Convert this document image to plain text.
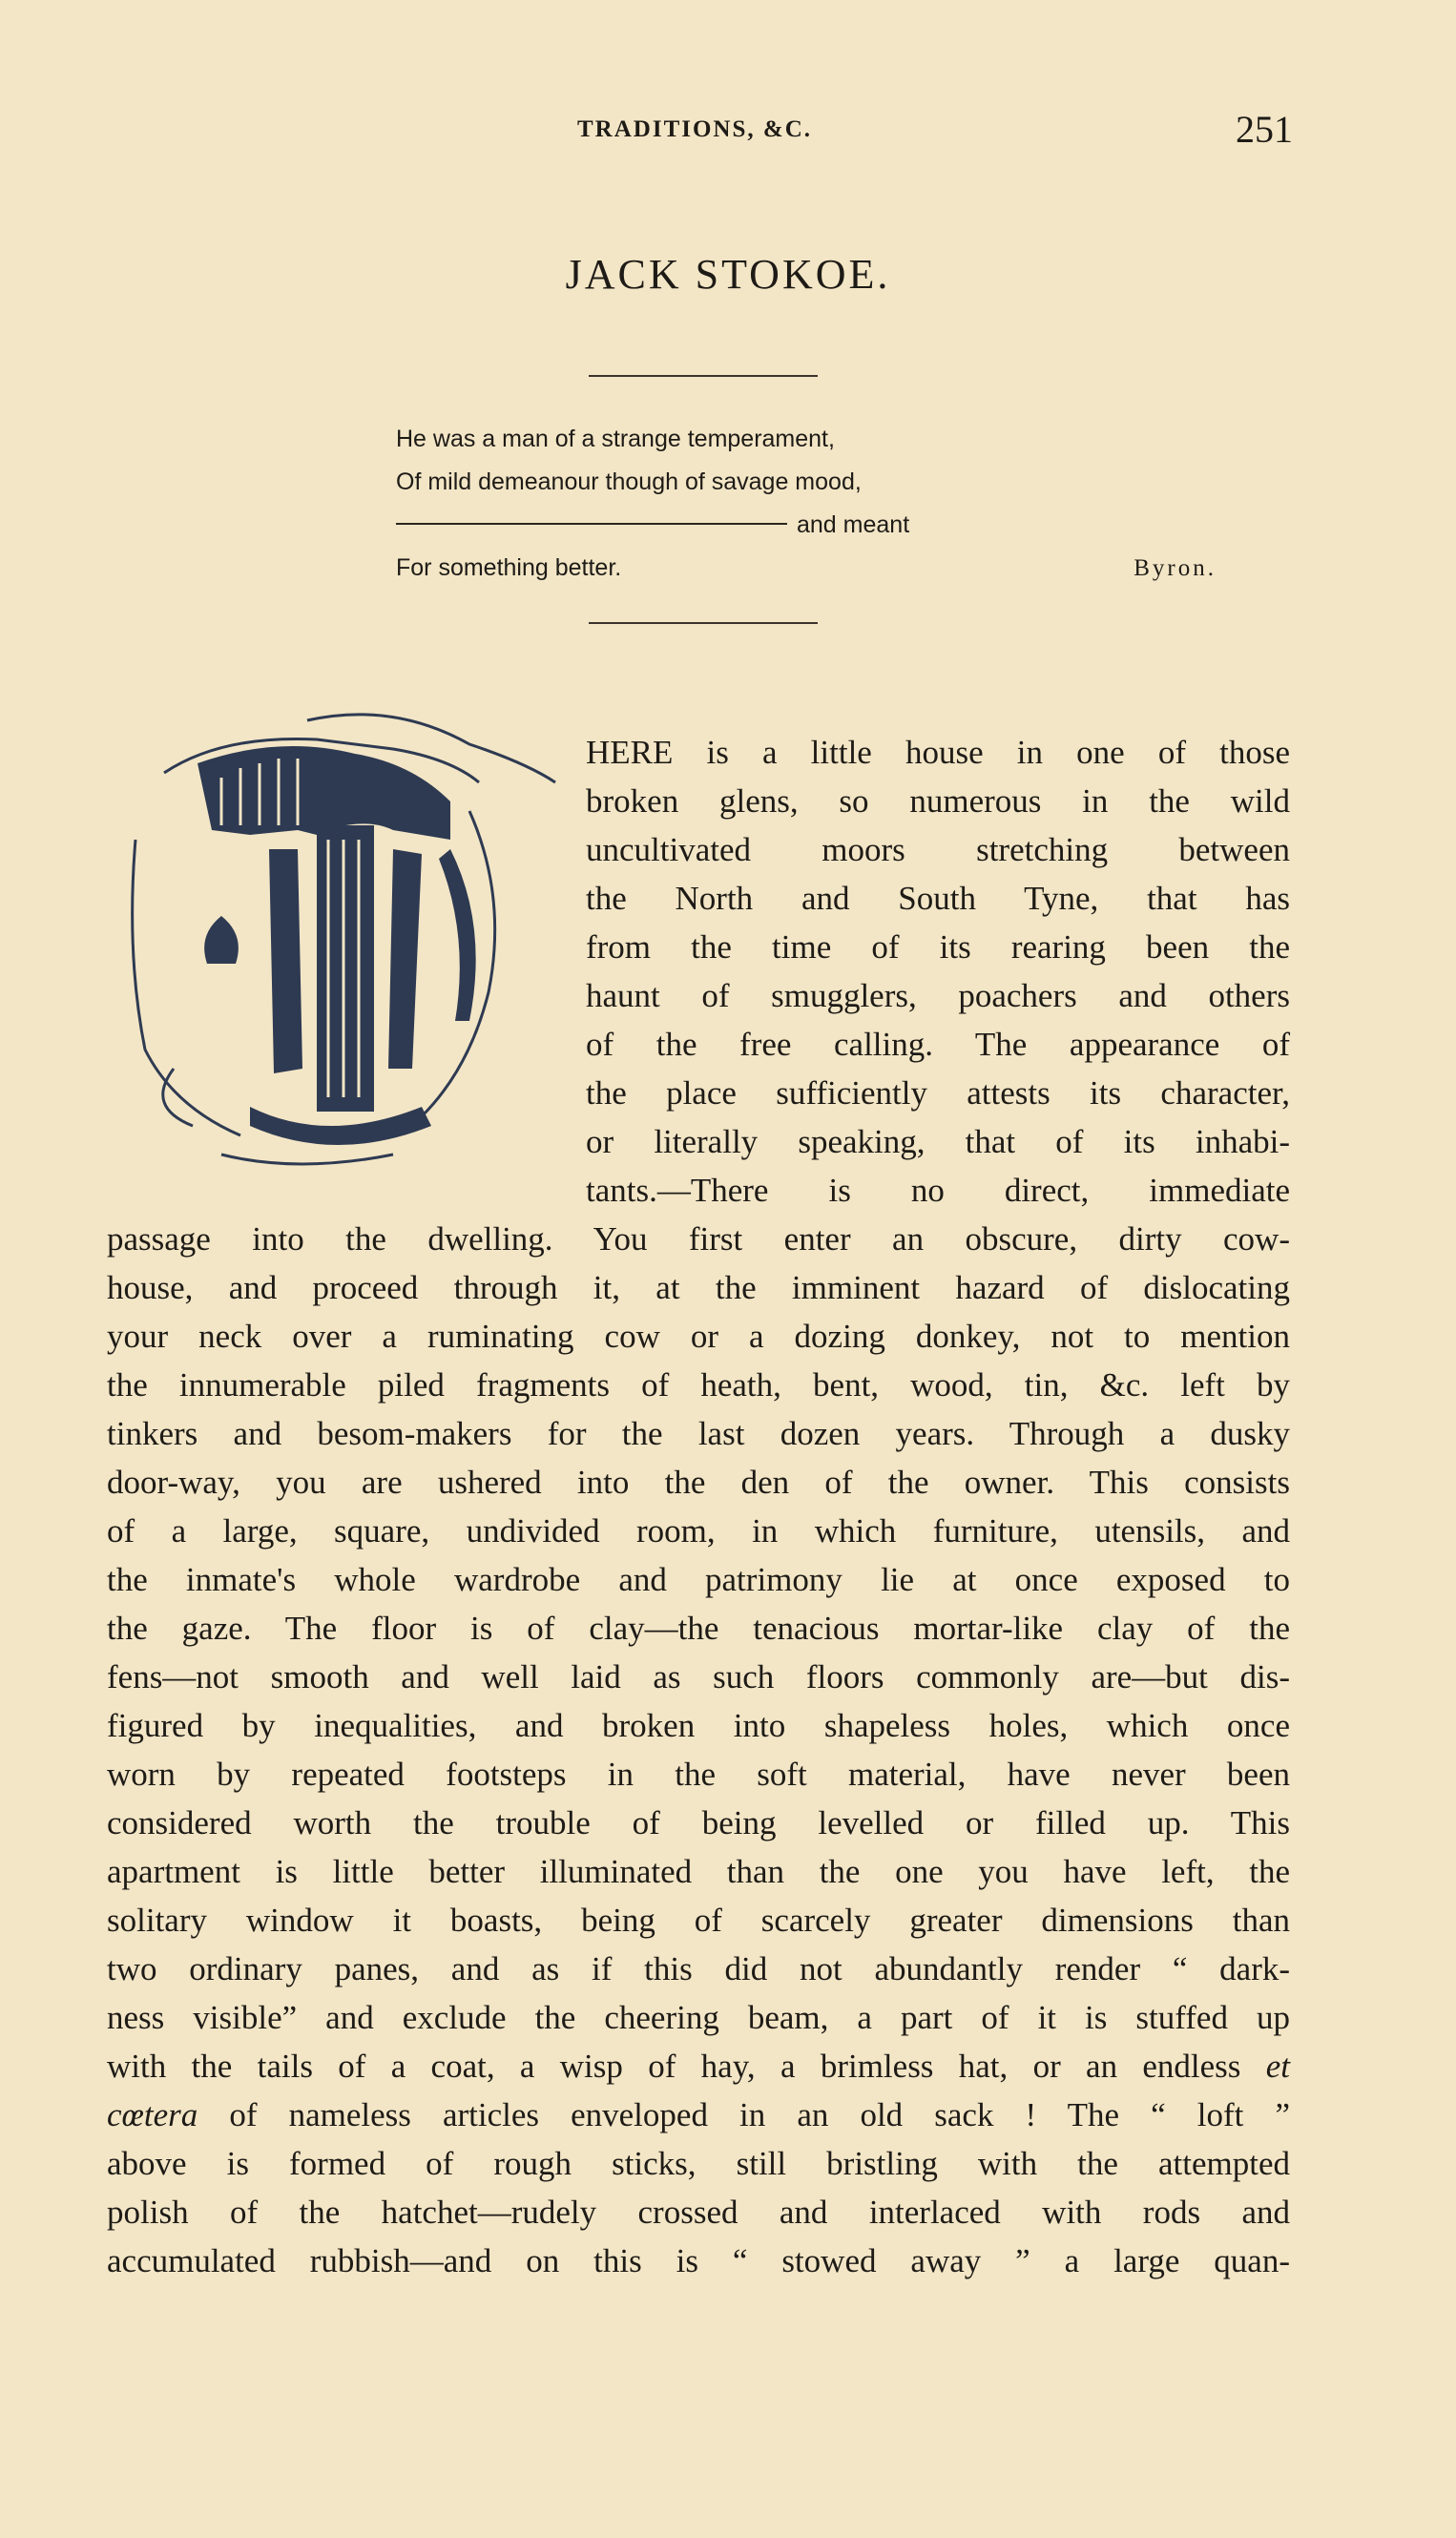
TRADITIONS, &C.	251
JACK STOKOE.
He was a man of a strange temperament,
Of mild demeanour though of savage mood,
and meant
For something better.	Byron.
HERE is a little house in one of those
broken glens, so numerous in the wild
uncultivated moors stretching between
the North and South Tyne, that has
from the time of its rearing been the
haunt of smugglers, poachers and others
of the free calling. The appearance of
the place sufficiently attests its character,
or literally speaking, that of its inhabi-
tants.—There is no direct, immediate
passage into the dwelling. You first enter an obscure, dirty cow-
house, and proceed through it, at the imminent hazard of dislocating
your neck over a ruminating cow or a dozing donkey, not to mention
the innumerable piled fragments of heath, bent, wood, tin, &c. left by
tinkers and besom-makers for the last dozen years. Through a dusky
door-way, you are ushered into the den of the owner. This consists
of a large, square, undivided room, in which furniture, utensils, and
the inmate's whole wardrobe and patrimony lie at once exposed to
the gaze. The floor is of clay—the tenacious mortar-like clay of the
fens—not smooth and well laid as such floors commonly are—but dis-
figured by inequalities, and broken into shapeless holes, which once
worn by repeated footsteps in the soft material, have never been
considered worth the trouble of being levelled or filled up. This
apartment is little better illuminated than the one you have left, the
solitary window it boasts, being of scarcely greater dimensions than
two ordinary panes, and as if this did not abundantly render “ dark-
ness visible” and exclude the cheering beam, a part of it is stuffed up
with the tails of a coat, a wisp of hay, a brimless hat, or an endless et
cœtera of nameless articles enveloped in an old sack ! The “ loft ”
above is formed of rough sticks, still bristling with the attempted
polish of the hatchet—rudely crossed and interlaced with rods and
accumulated rubbish—and on this is “ stowed away ” a large quan-
